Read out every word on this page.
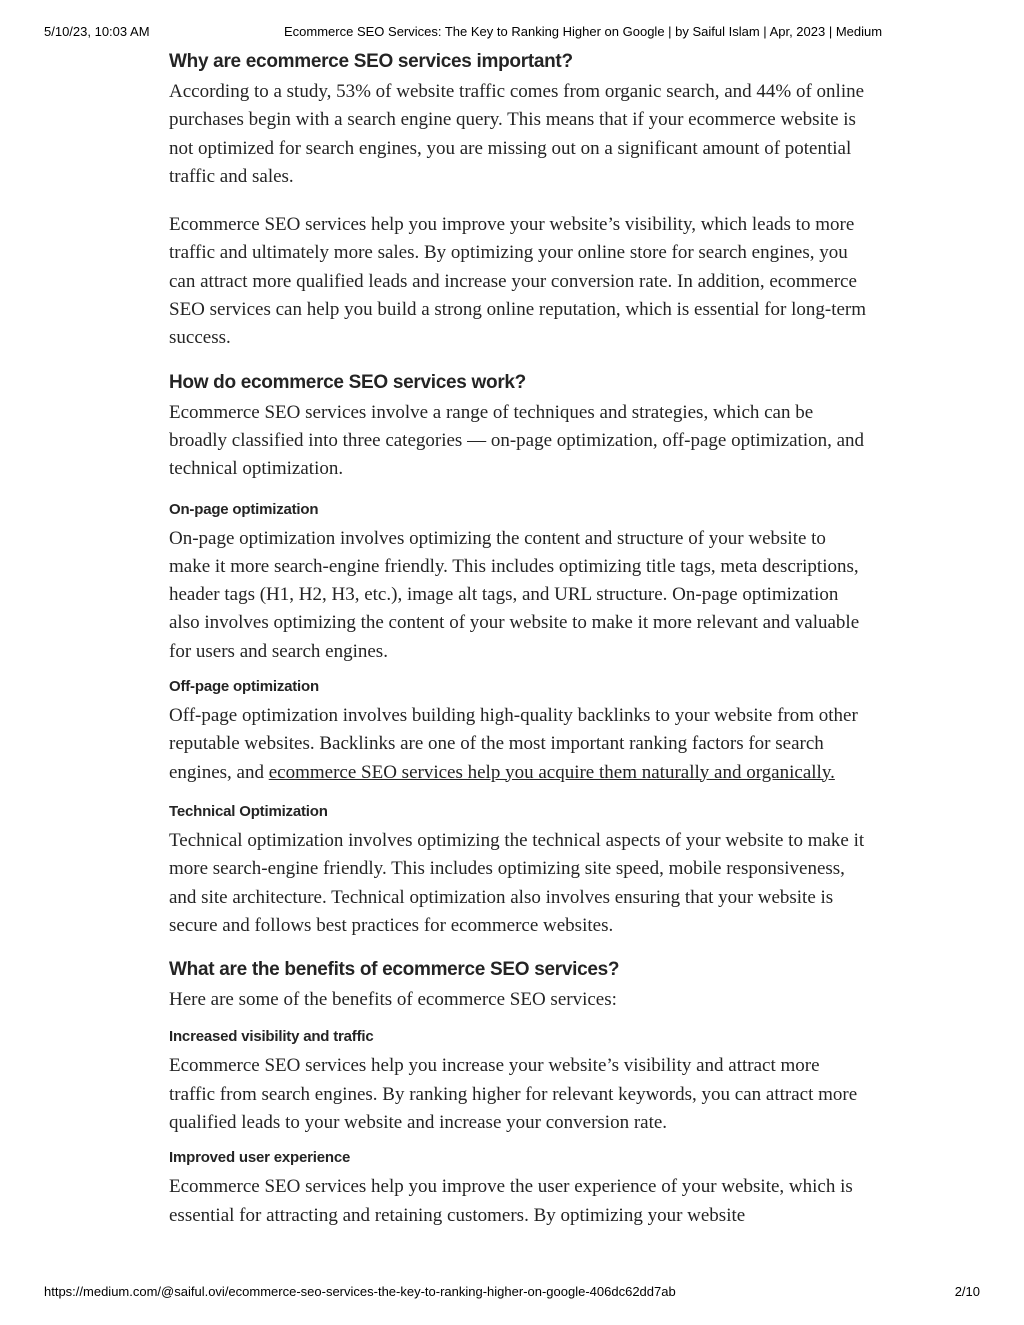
5/10/23, 10:03 AM	Ecommerce SEO Services: The Key to Ranking Higher on Google | by Saiful Islam | Apr, 2023 | Medium
Why are ecommerce SEO services important?

According to a study, 53% of website traffic comes from organic search, and 44% of online purchases begin with a search engine query. This means that if your ecommerce website is not optimized for search engines, you are missing out on a significant amount of potential traffic and sales.

Ecommerce SEO services help you improve your website’s visibility, which leads to more traffic and ultimately more sales. By optimizing your online store for search engines, you can attract more qualified leads and increase your conversion rate. In addition, ecommerce SEO services can help you build a strong online reputation, which is essential for long-term success.

How do ecommerce SEO services work?

Ecommerce SEO services involve a range of techniques and strategies, which can be broadly classified into three categories — on-page optimization, off-page optimization, and technical optimization.

On-page optimization

On-page optimization involves optimizing the content and structure of your website to make it more search-engine friendly. This includes optimizing title tags, meta descriptions, header tags (H1, H2, H3, etc.), image alt tags, and URL structure. On-page optimization also involves optimizing the content of your website to make it more relevant and valuable for users and search engines.

Off-page optimization

Off-page optimization involves building high-quality backlinks to your website from other reputable websites. Backlinks are one of the most important ranking factors for search engines, and ecommerce SEO services help you acquire them naturally and organically.

Technical Optimization

Technical optimization involves optimizing the technical aspects of your website to make it more search-engine friendly. This includes optimizing site speed, mobile responsiveness, and site architecture. Technical optimization also involves ensuring that your website is secure and follows best practices for ecommerce websites.

What are the benefits of ecommerce SEO services?

Here are some of the benefits of ecommerce SEO services:

Increased visibility and traffic

Ecommerce SEO services help you increase your website’s visibility and attract more traffic from search engines. By ranking higher for relevant keywords, you can attract more qualified leads to your website and increase your conversion rate.

Improved user experience

Ecommerce SEO services help you improve the user experience of your website, which is essential for attracting and retaining customers. By optimizing your website

https://medium.com/@saiful.ovi/ecommerce-seo-services-the-key-to-ranking-higher-on-google-406dc62dd7ab	2/10
